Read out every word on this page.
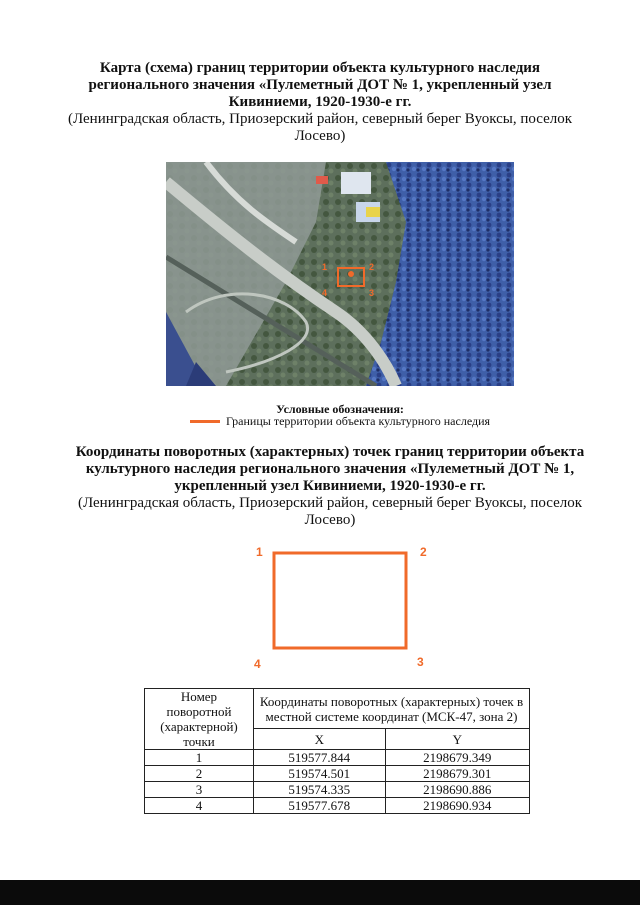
Карта (схема) границ территории объекта культурного наследия регионального значения «Пулеметный ДОТ № 1, укрепленный узел Кивиниеми, 1920-1930-е гг.
(Ленинградская область, Приозерский район, северный берег Вуоксы, поселок Лосево)
1	2
4	3
Условные обозначения:
Границы территории объекта культурного наследия
Координаты поворотных (характерных) точек границ территории объекта культурного наследия регионального значения «Пулеметный ДОТ № 1, укрепленный узел Кивиниеми, 1920-1930-е гг.
(Ленинградская область, Приозерский район, северный берег Вуоксы, поселок Лосево)
1	2
3
4
Номер поворотной (характерной) точки	Координаты поворотных (характерных) точек в местной системе координат (МСК-47, зона 2)	
	X	Y
1	519577.844	2198679.349
2	519574.501	2198679.301
3	519574.335	2198690.886
4	519577.678	2198690.934
